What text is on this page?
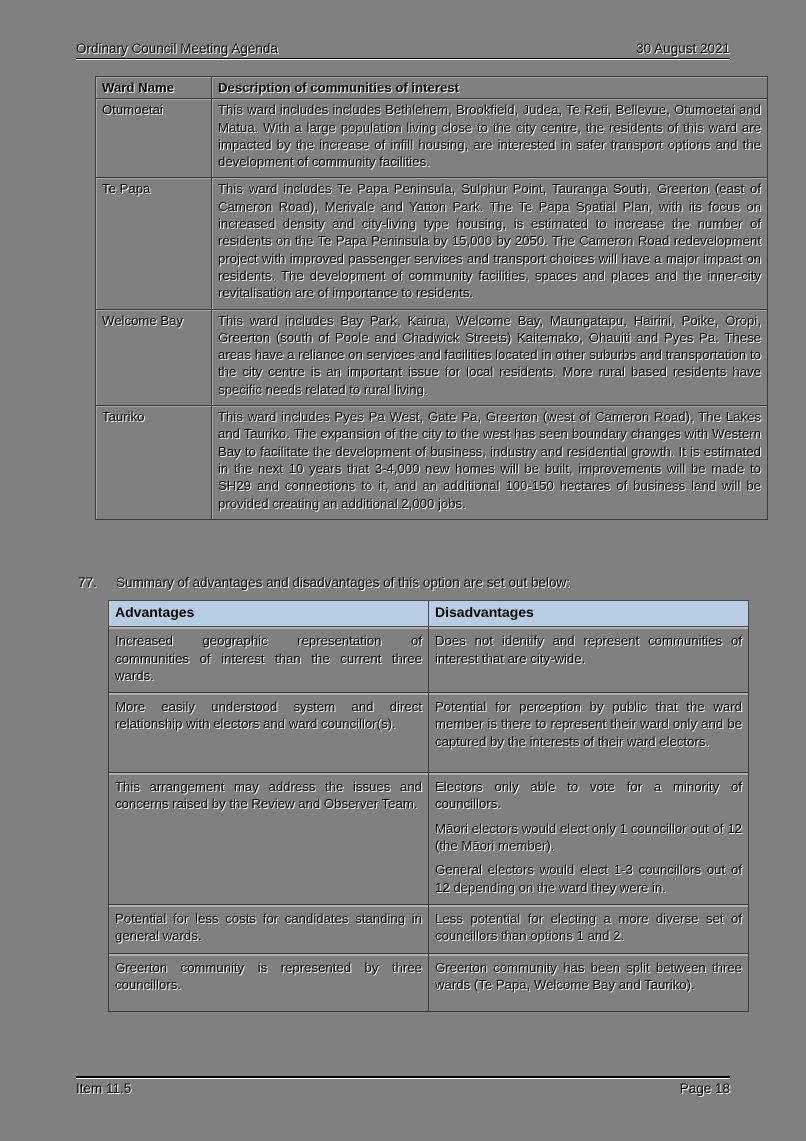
Ordinary Council Meeting Agenda	30 August 2021
Ward Name	Description of communities of interest
Otumoetai	This ward includes includes Bethlehem, Brookfield, Judea, Te Reti, Bellevue, Otumoetai and Matua. With a large population living close to the city centre, the residents of this ward are impacted by the increase of infill housing, are interested in safer transport options and the development of community facilities.
Te Papa	This ward includes Te Papa Peninsula, Sulphur Point, Tauranga South, Greerton (east of Cameron Road), Merivale and Yatton Park. The Te Papa Spatial Plan, with its focus on increased density and city-living type housing, is estimated to increase the number of residents on the Te Papa Peninsula by 15,000 by 2050. The Cameron Road redevelopment project with improved passenger services and transport choices will have a major impact on residents. The development of community facilities, spaces and places and the inner-city revitalisation are of importance to residents.
Welcome Bay	This ward includes Bay Park, Kairua, Welcome Bay, Maungatapu, Hairini, Poike, Oropi, Greerton (south of Poole and Chadwick Streets) Kaitemako, Ohauiti and Pyes Pa. These areas have a reliance on services and facilities located in other suburbs and transportation to the city centre is an important issue for local residents. More rural based residents have specific needs related to rural living.
Tauriko	This ward includes Pyes Pa West, Gate Pa, Greerton (west of Cameron Road), The Lakes and Tauriko. The expansion of the city to the west has seen boundary changes with Western Bay to facilitate the development of business, industry and residential growth. It is estimated in the next 10 years that 3-4,000 new homes will be built, improvements will be made to SH29 and connections to it, and an additional 100-150 hectares of business land will be provided creating an additional 2,000 jobs.
77. Summary of advantages and disadvantages of this option are set out below:
Advantages	Disadvantages

Increased geographic representation of communities of interest than the current three wards.	Does not identify and represent communities of interest that are city-wide.

More easily understood system and direct relationship with electors and ward councillor(s).	Potential for perception by public that the ward member is there to represent their ward only and be captured by the interests of their ward electors.

This arrangement may address the issues and concerns raised by the Review and Observer Team.	Electors only able to vote for a minority of councillors.

Māori electors would elect only 1 councillor out of 12 (the Māori member).

General electors would elect 1-3 councillors out of 12 depending on the ward they were in.

Potential for less costs for candidates standing in general wards.	Less potential for electing a more diverse set of councillors than options 1 and 2.

Greerton community is represented by three councillors.	Greerton community has been split between three wards (Te Papa, Welcome Bay and Tauriko).

Item 11.5	Page 18
